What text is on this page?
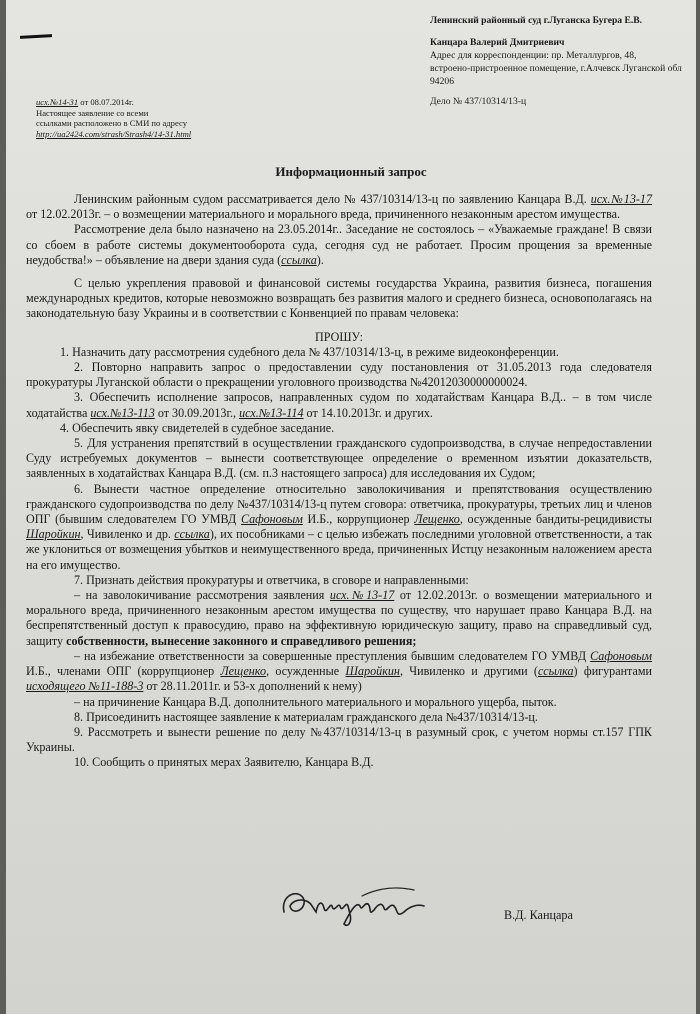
Ленинский районный суд г.Луганска Бугера Е.В.
Канцара Валерий Дмитриевич
Адрес для корреспонденции: пр. Металлургов, 48,
встроено-пристроенное помещение, г.Алчевск Луганской обл
94206
Дело № 437/10314/13-ц
исх.№14-31 от 08.07.2014г.
Настоящее заявление со всеми
ссылками расположено в СМИ по адресу
http://ua2424.com/strash/Strash4/14-31.html
Информационный запрос

Ленинским районным судом рассматривается дело № 437/10314/13-ц по заявлению Канцара В.Д. исх.№13-17 от 12.02.2013г. – о возмещении материального и морального вреда, причиненного незаконным арестом имущества.

Рассмотрение дела было назначено на 23.05.2014г.. Заседание не состоялось – «Уважаемые граждане! В связи со сбоем в работе системы документооборота суда, сегодня суд не работает. Просим прощения за временные неудобства!» – объявление на двери здания суда (ссылка).

С целью укрепления правовой и финансовой системы государства Украина, развития бизнеса, погашения международных кредитов, которые невозможно возвращать без развития малого и среднего бизнеса, основополагаясь на законодательную базу Украины и в соответствии с Конвенцией по правам человека:

ПРОШУ:

1. Назначить дату рассмотрения судебного дела № 437/10314/13-ц, в режиме видеоконференции.

2. Повторно направить запрос о предоставлении суду постановления от 31.05.2013 года следователя прокуратуры Луганской области о прекращении уголовного производства №42012030000000024.

3. Обеспечить исполнение запросов, направленных судом по ходатайствам Канцара В.Д.. – в том числе ходатайства исх.№13-113 от 30.09.2013г., исх.№13-114 от 14.10.2013г. и других.

4. Обеспечить явку свидетелей в судебное заседание.

5. Для устранения препятствий в осуществлении гражданского судопроизводства, в случае непредоставлении Суду истребуемых документов – вынести соответствующее определение о временном изъятии доказательств, заявленных в ходатайствах Канцара В.Д. (см. п.3 настоящего запроса) для исследования их Судом;

6. Вынести частное определение относительно заволокичивания и препятствования осуществлению гражданского судопроизводства по делу №437/10314/13-ц путем сговора: ответчика, прокуратуры, третьих лиц и членов ОПГ (бывшим следователем ГО УМВД Сафоновым И.Б., коррупционер Лещенко, осужденные бандиты-рецидивисты Шаройкин, Чивиленко и др. ссылка), их пособниками – с целью избежать последними уголовной ответственности, а так же уклониться от возмещения убытков и неимущественного вреда, причиненных Истцу незаконным наложением ареста на его имущество.

7. Признать действия прокуратуры и ответчика, в сговоре и направленными:

– на заволокичивание рассмотрения заявления исх.№13-17 от 12.02.2013г. о возмещении материального и морального вреда, причиненного незаконным арестом имущества по существу, что нарушает право Канцара В.Д. на беспрепятственный доступ к правосудию, право на эффективную юридическую защиту, право на справедливый суд, защиту собственности, вынесение законного и справедливого решения;

– на избежание ответственности за совершенные преступления бывшим следователем ГО УМВД Сафоновым И.Б., членами ОПГ (коррупционер Лещенко, осужденные Шаройкин, Чивиленко и другими (ссылка) фигурантами исходящего №11-188-3 от 28.11.2011г. и 53-х дополнений к нему)

– на причинение Канцара В.Д. дополнительного материального и морального ущерба, пыток.

8. Присоединить настоящее заявление к материалам гражданского дела №437/10314/13-ц.

9. Рассмотреть и вынести решение по делу №437/10314/13-ц в разумный срок, с учетом нормы ст.157 ГПК Украины.

10. Сообщить о принятых мерах Заявителю, Канцара В.Д.

В.Д. Канцара
